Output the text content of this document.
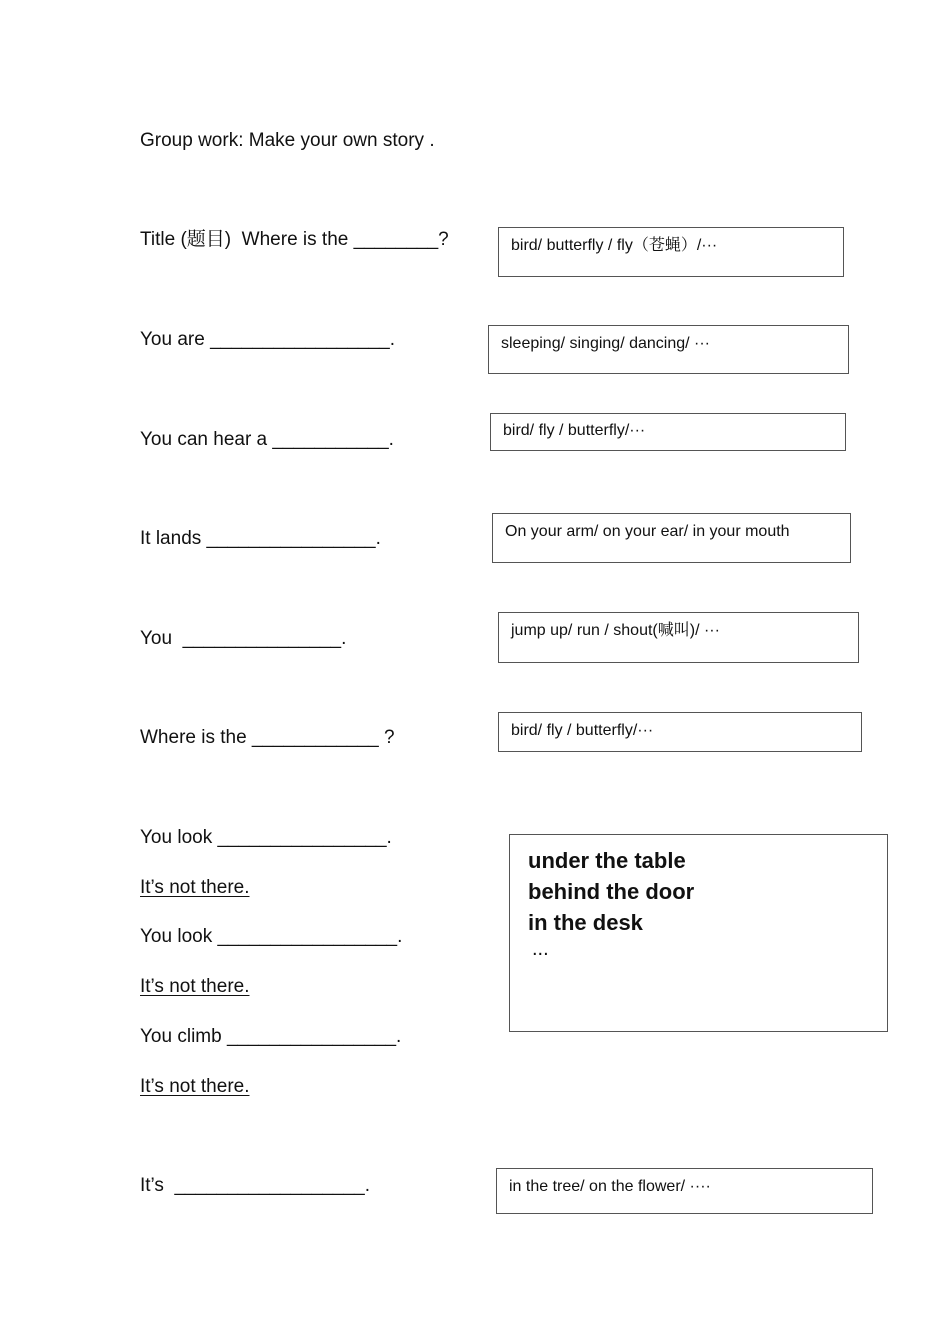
Group work: Make your own story .
Title (题目)  Where is the ________?	bird/ butterfly / fly（苍蝇）/···
You are _________________.	sleeping/ singing/ dancing/ ···
You can hear a ___________.	bird/ fly / butterfly/···
It lands ________________.	On your arm/ on your ear/ in your mouth
You  _______________.	jump up/ run / shout(喊叫)/ ···
Where is the ____________ ?	bird/ fly / butterfly/···
You look ________________.
It’s not there.
You look _________________.
It’s not there.
You climb ________________.
It’s not there.
under the table
behind the door
in the desk
...
It’s  __________________.	in the tree/ on the flower/ ····
